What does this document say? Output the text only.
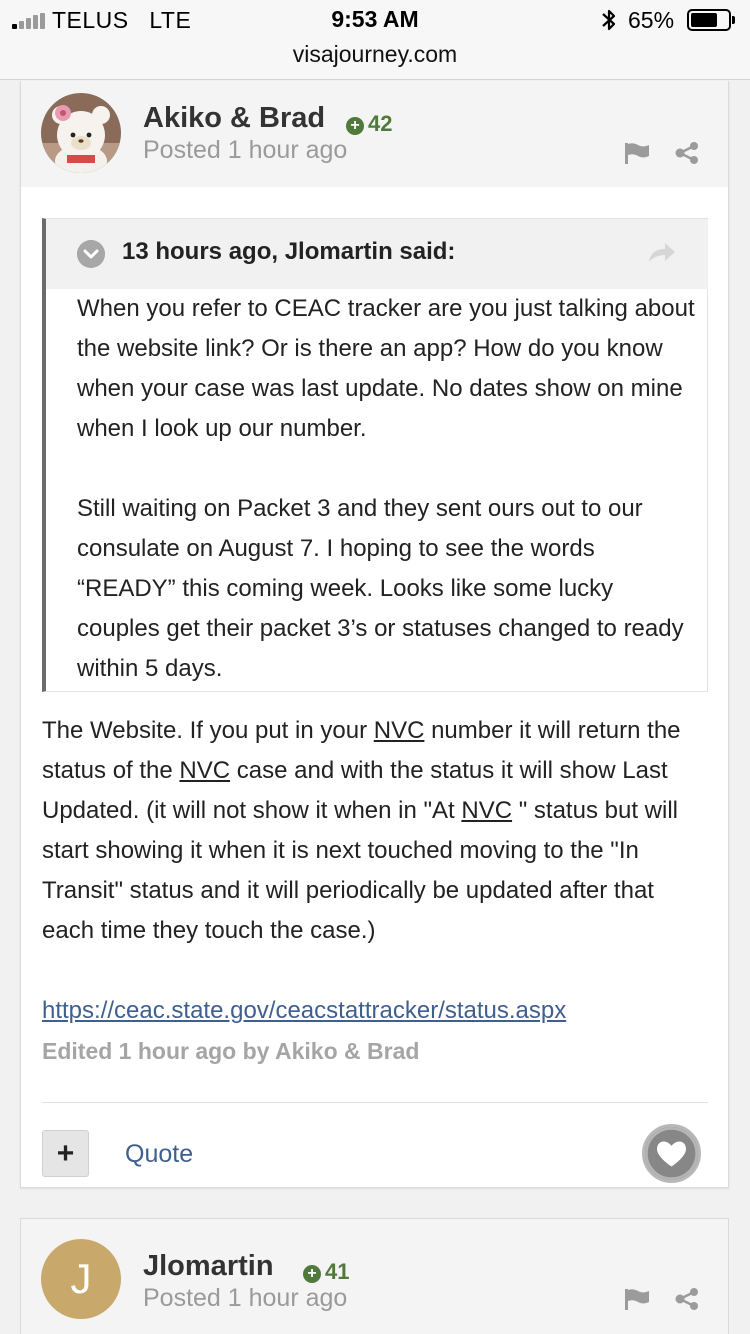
TELUS LTE	9:53 AM
visajourney.com
65%
Akiko & Brad + 42
Posted 1 hour ago
13 hours ago, Jlomartin said:

When you refer to CEAC tracker are you just talking about the website link? Or is there an app? How do you know when your case was last update. No dates show on mine when I look up our number.

Still waiting on Packet 3 and they sent ours out to our consulate on August 7. I hoping to see the words “READY” this coming week. Looks like some lucky couples get their packet 3’s or statuses changed to ready within 5 days.

The Website. If you put in your NVC number it will return the status of the NVC case and with the status it will show Last Updated. (it will not show it when in "At NVC " status but will start showing it when it is next touched moving to the "In Transit" status and it will periodically be updated after that each time they touch the case.)
https://ceac.state.gov/ceacstattracker/status.aspx
Edited 1 hour ago by Akiko & Brad
+	Quote
J	Jlomartin + 41
Posted 1 hour ago
